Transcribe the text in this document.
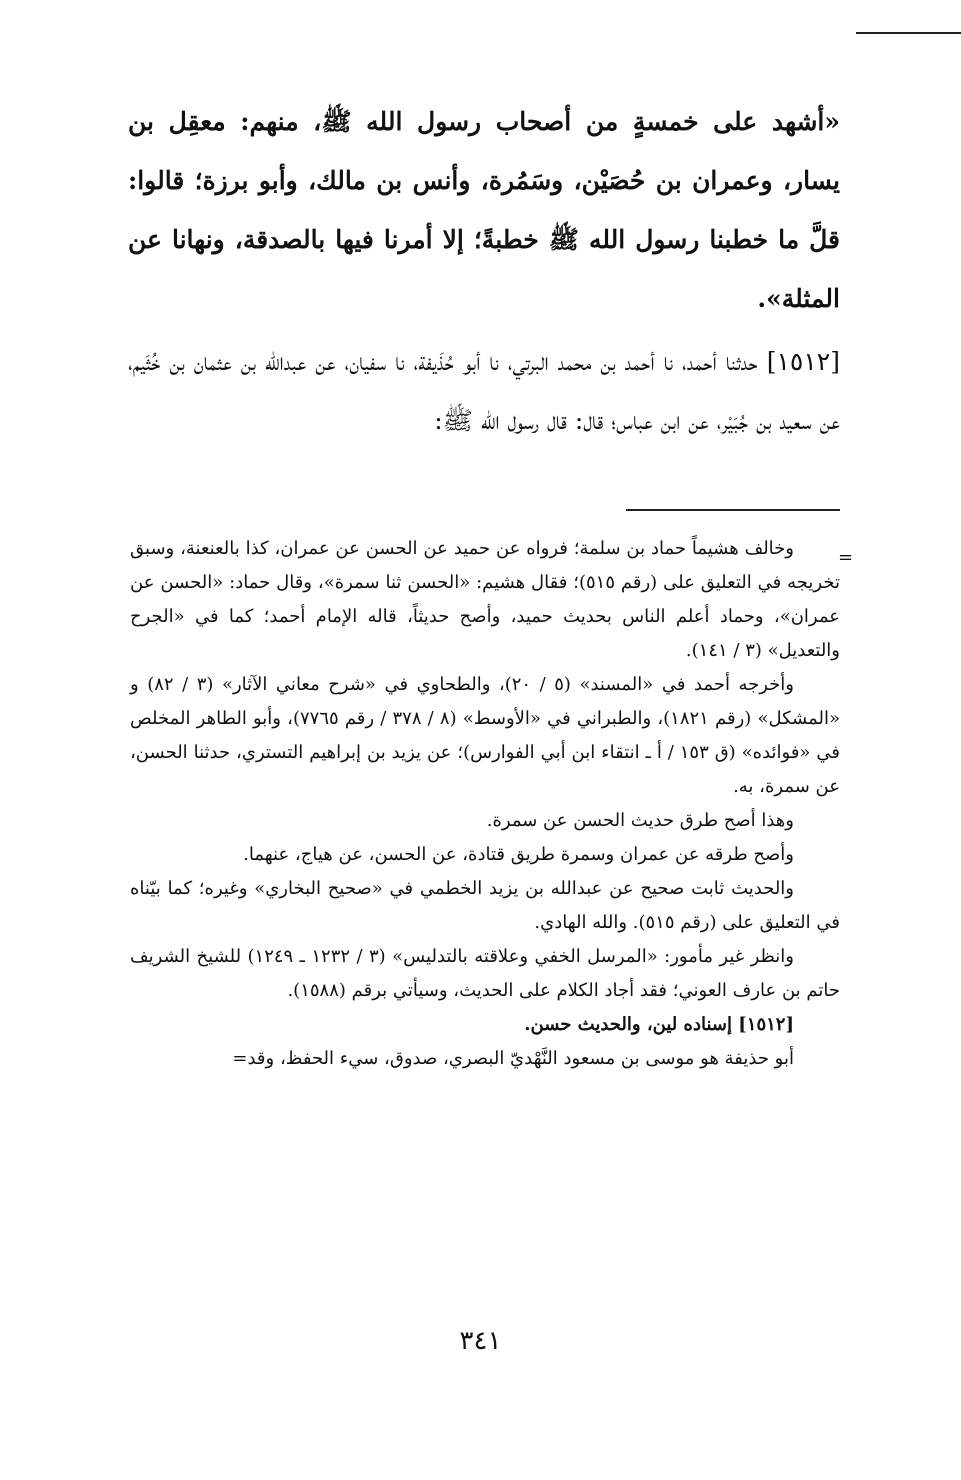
«أشهد على خمسةٍ من أصحاب رسول الله ﷺ، منهم: معقِل بن يسار، وعمران بن حُصَيْن، وسَمُرة، وأنس بن مالك، وأبو برزة؛ قالوا: قلَّ ما خطبنا رسول الله ﷺ خطبةً؛ إلا أمرنا فيها بالصدقة، ونهانا عن المثلة».

[١٥١٢] حدثنا أحمد، نا أحمد بن محمد البرتي، نا أبو حُذَيفة، نا سفيان، عن عبدالله بن عثمان بن خُثَيم، عن سعيد بن جُبَيْر، عن ابن عباس؛ قال: قال رسول الله ﷺ:

=

وخالف هشيماً حماد بن سلمة؛ فرواه عن حميد عن الحسن عن عمران، كذا بالعنعنة، وسبق تخريجه في التعليق على (رقم ٥١٥)؛ فقال هشيم: «الحسن ثنا سمرة»، وقال حماد: «الحسن عن عمران»، وحماد أعلم الناس بحديث حميد، وأصح حديثاً، قاله الإمام أحمد؛ كما في «الجرح والتعديل» (٣ / ١٤١).

وأخرجه أحمد في «المسند» (٥ / ٢٠)، والطحاوي في «شرح معاني الآثار» (٣ / ٨٢) و «المشكل» (رقم ١٨٢١)، والطبراني في «الأوسط» (٨ / ٣٧٨ / رقم ٧٧٦٥)، وأبو الطاهر المخلص في «فوائده» (ق ١٥٣ / أ ـ انتقاء ابن أبي الفوارس)؛ عن يزيد بن إبراهيم التستري، حدثنا الحسن، عن سمرة، به.

وهذا أصح طرق حديث الحسن عن سمرة.

وأصح طرقه عن عمران وسمرة طريق قتادة، عن الحسن، عن هياج، عنهما.

والحديث ثابت صحيح عن عبدالله بن يزيد الخطمي في «صحيح البخاري» وغيره؛ كما بيّناه في التعليق على (رقم ٥١٥). والله الهادي.

وانظر غير مأمور: «المرسل الخفي وعلاقته بالتدليس» (٣ / ١٢٣٢ ـ ١٢٤٩) للشيخ الشريف حاتم بن عارف العوني؛ فقد أجاد الكلام على الحديث، وسيأتي برقم (١٥٨٨).

[١٥١٢] إسناده لين، والحديث حسن.

أبو حذيفة هو موسى بن مسعود النَّهْديّ البصري، صدوق، سيء الحفظ، وقد=

٣٤١
